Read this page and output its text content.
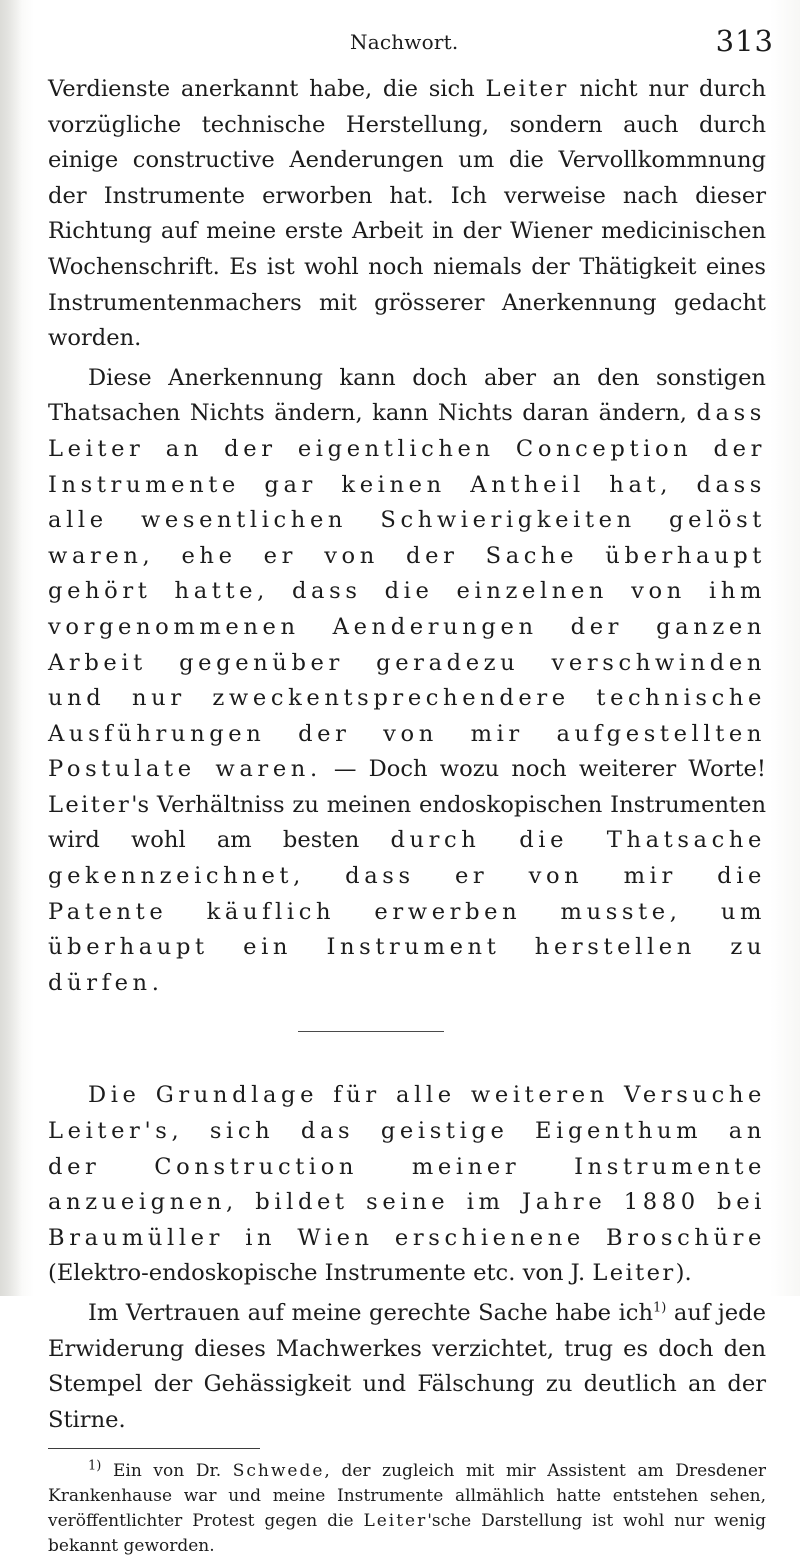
Nachwort.	313

Verdienste anerkannt habe, die sich Leiter nicht nur durch vorzügliche technische Herstellung, sondern auch durch einige constructive Aenderungen um die Vervollkommnung der Instrumente erworben hat. Ich verweise nach dieser Richtung auf meine erste Arbeit in der Wiener medicinischen Wochenschrift. Es ist wohl noch niemals der Thätigkeit eines Instrumentenmachers mit grösserer Anerkennung gedacht worden.

Diese Anerkennung kann doch aber an den sonstigen Thatsachen Nichts ändern, kann Nichts daran ändern, dass Leiter an der eigentlichen Conception der Instrumente gar keinen Antheil hat, dass alle wesentlichen Schwierigkeiten gelöst waren, ehe er von der Sache überhaupt gehört hatte, dass die einzelnen von ihm vorgenommenen Aenderungen der ganzen Arbeit gegenüber geradezu verschwinden und nur zweckentsprechendere technische Ausführungen der von mir aufgestellten Postulate waren. — Doch wozu noch weiterer Worte! Leiter's Verhältniss zu meinen endoskopischen Instrumenten wird wohl am besten durch die Thatsache gekennzeichnet, dass er von mir die Patente käuflich erwerben musste, um überhaupt ein Instrument herstellen zu dürfen.

Die Grundlage für alle weiteren Versuche Leiter's, sich das geistige Eigenthum an der Construction meiner Instrumente anzueignen, bildet seine im Jahre 1880 bei Braumüller in Wien erschienene Broschüre (Elektro-endoskopische Instrumente etc. von J. Leiter).

Im Vertrauen auf meine gerechte Sache habe ich$^{1)}$ auf jede Erwiderung dieses Machwerkes verzichtet, trug es doch den Stempel der Gehässigkeit und Fälschung zu deutlich an der Stirne.

$^{1)}$ Ein von Dr. Schwede, der zugleich mit mir Assistent am Dresdener Krankenhause war und meine Instrumente allmählich hatte entstehen sehen, veröffentlichter Protest gegen die Leiter'sche Darstellung ist wohl nur wenig bekannt geworden.
